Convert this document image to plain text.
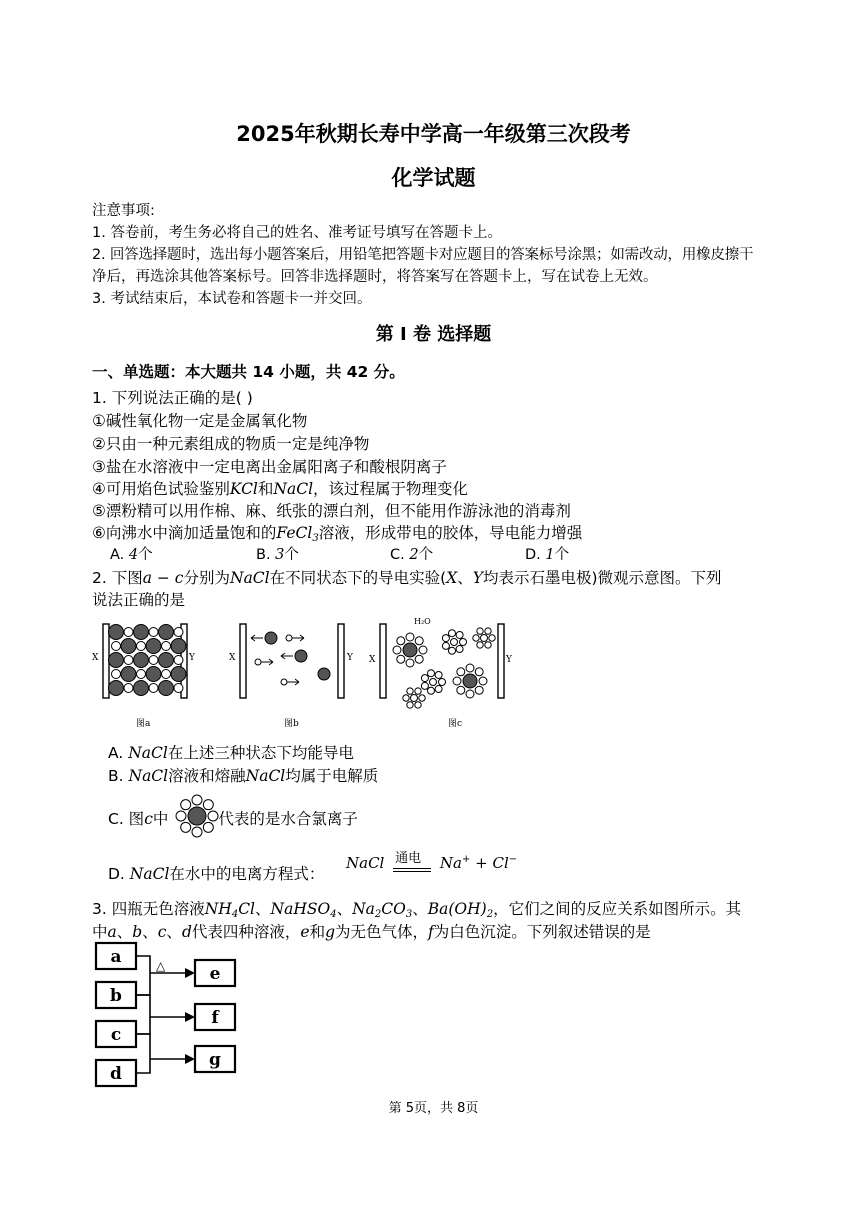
2025年秋期长寿中学高一年级第三次段考
化学试题
注意事项:
1. 答卷前，考生务必将自己的姓名、准考证号填写在答题卡上。
2. 回答选择题时，选出每小题答案后，用铅笔把答题卡对应题目的答案标号涂黑；如需改动，用橡皮擦干
净后，再选涂其他答案标号。回答非选择题时，将答案写在答题卡上，写在试卷上无效。
3. 考试结束后，本试卷和答题卡一并交回。
第 I 卷 选择题
一、单选题：本大题共 14 小题，共 42 分。
1. 下列说法正确的是( )
①碱性氧化物一定是金属氧化物
②只由一种元素组成的物质一定是纯净物
③盐在水溶液中一定电离出金属阳离子和酸根阴离子
④可用焰色试验鉴别KCl和NaCl，该过程属于物理变化
⑤漂粉精可以用作棉、麻、纸张的漂白剂，但不能用作游泳池的消毒剂
⑥向沸水中滴加适量饱和的FeCl$_3$溶液，形成带电的胶体，导电能力增强
A. 4个	B. 3个	C. 2个	D. 1个
2. 下图a − c分别为NaCl在不同状态下的导电实验(X、Y均表示石墨电极)微观示意图。下列
说法正确的是
X	Y
图a
X	Y
图b
X	Y
H₂O
图c
A. NaCl在上述三种状态下均能导电
B. NaCl溶液和熔融NaCl均属于电解质
C. 图c中	代表的是水合氯离子
D. NaCl在水中的电离方程式：
NaCl 通电 Na+ + Cl−
3. 四瓶无色溶液$NH_4Cl$、NaHSO$_4$、$Na_2CO_3$、$Ba(OH)_2$，它们之间的反应关系如图所示。其
中a、b、c、d代表四种溶液，e和g为无色气体，f为白色沉淀。下列叙述错误的是
△
a
b
c
d
e
f
g
第 5页，共 8页
